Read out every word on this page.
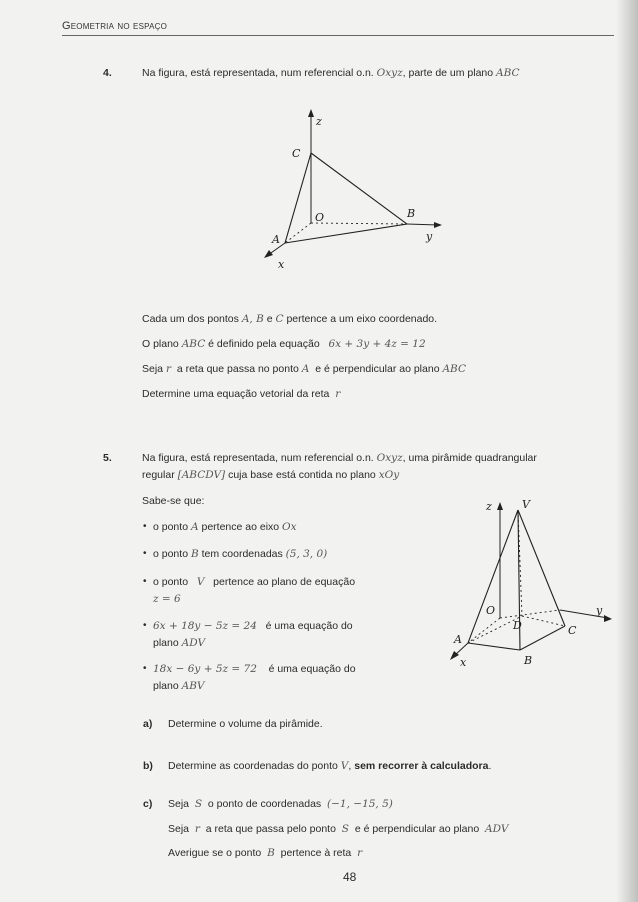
Geometria no espaço
4.	Na figura, está representada, num referencial o.n. Oxyz, parte de um plano ABC
z
C
O	B
y
A
x
Cada um dos pontos A, B e C pertence a um eixo coordenado.
O plano ABC é definido pela equação 6x + 3y + 4z = 12
Seja r a reta que passa no ponto A e é perpendicular ao plano ABC
Determine uma equação vetorial da reta r
5.	Na figura, está representada, num referencial o.n. Oxyz, uma pirâmide quadrangular
regular [ABCDV] cuja base está contida no plano xOy
Sabe-se que:
• o ponto A pertence ao eixo Ox
• o ponto B tem coordenadas (5, 3, 0)
• o ponto V pertence ao plano de equação
z = 6
• 6x + 18y − 5z = 24 é uma equação do
plano ADV
• 18x − 6y + 5z = 72 é uma equação do
plano ABV
z	V
O
D	C
y
A
x	B
a) Determine o volume da pirâmide.
b) Determine as coordenadas do ponto V, sem recorrer à calculadora.
c) Seja S o ponto de coordenadas (−1, −15, 5)
Seja r a reta que passa pelo ponto S e é perpendicular ao plano ADV
Averigue se o ponto B pertence à reta r
48
